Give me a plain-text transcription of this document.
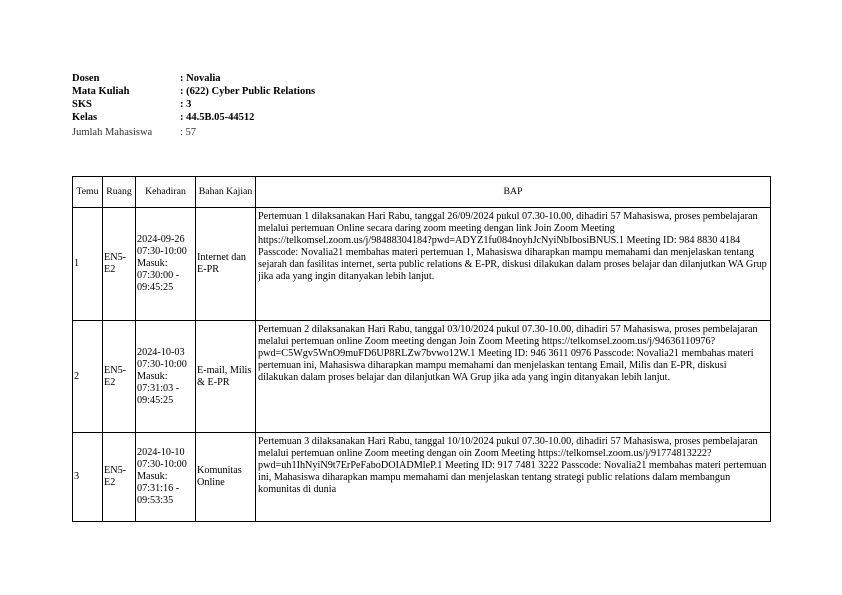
Dosen	: Novalia
Mata Kuliah	: (622) Cyber Public Relations
SKS	: 3
Kelas	: 44.5B.05-44512
Jumlah Mahasiswa	: 57
Temu	Ruang	Kehadiran	Bahan Kajian	BAP
1	EN5-E2	2024-09-26 07:30-10:00 Masuk: 07:30:00 - 09:45:25	Internet dan E-PR	Pertemuan 1 dilaksanakan Hari Rabu, tanggal 26/09/2024 pukul 07.30-10.00, dihadiri 57 Mahasiswa, proses pembelajaran melalui pertemuan Online secara daring zoom meeting dengan link Join Zoom Meeting https://telkomsel.zoom.us/j/98488304184?pwd=ADYZ1fu084noyhJcNyiNbIbosiBNUS.1 Meeting ID: 984 8830 4184 Passcode: Novalia21 membahas materi pertemuan 1, Mahasiswa diharapkan mampu memahami dan menjelaskan tentang sejarah dan fasilitas internet, serta public relations & E-PR, diskusi dilakukan dalam proses belajar dan dilanjutkan WA Grup jika ada yang ingin ditanyakan lebih lanjut.

2	EN5-E2	2024-10-03 07:30-10:00 Masuk: 07:31:03 - 09:45:25	E-mail, Milis & E-PR	Pertemuan 2 dilaksanakan Hari Rabu, tanggal 03/10/2024 pukul 07.30-10.00, dihadiri 57 Mahasiswa, proses pembelajaran melalui pertemuan online Zoom meeting dengan Join Zoom Meeting https://telkomsel.zoom.us/j/94636110976?pwd=C5Wgv5WnO9muFD6UP8RLZw7bvwo12W.1 Meeting ID: 946 3611 0976 Passcode: Novalia21 membahas materi pertemuan ini, Mahasiswa diharapkan mampu memahami dan menjelaskan tentang Email, Milis dan E-PR, diskusi dilakukan dalam proses belajar dan dilanjutkan WA Grup jika ada yang ingin ditanyakan lebih lanjut.

3	EN5-E2	2024-10-10 07:30-10:00 Masuk: 07:31:16 - 09:53:35	Komunitas Online	Pertemuan 3 dilaksanakan Hari Rabu, tanggal 10/10/2024 pukul 07.30-10.00, dihadiri 57 Mahasiswa, proses pembelajaran melalui pertemuan online Zoom meeting dengan oin Zoom Meeting https://telkomsel.zoom.us/j/91774813222?pwd=uh1IhNyiN9t7ErPeFaboDOIADMleP.1 Meeting ID: 917 7481 3222 Passcode: Novalia21 membahas materi pertemuan ini, Mahasiswa diharapkan mampu memahami dan menjelaskan tentang strategi public relations dalam membangun komunitas di dunia
